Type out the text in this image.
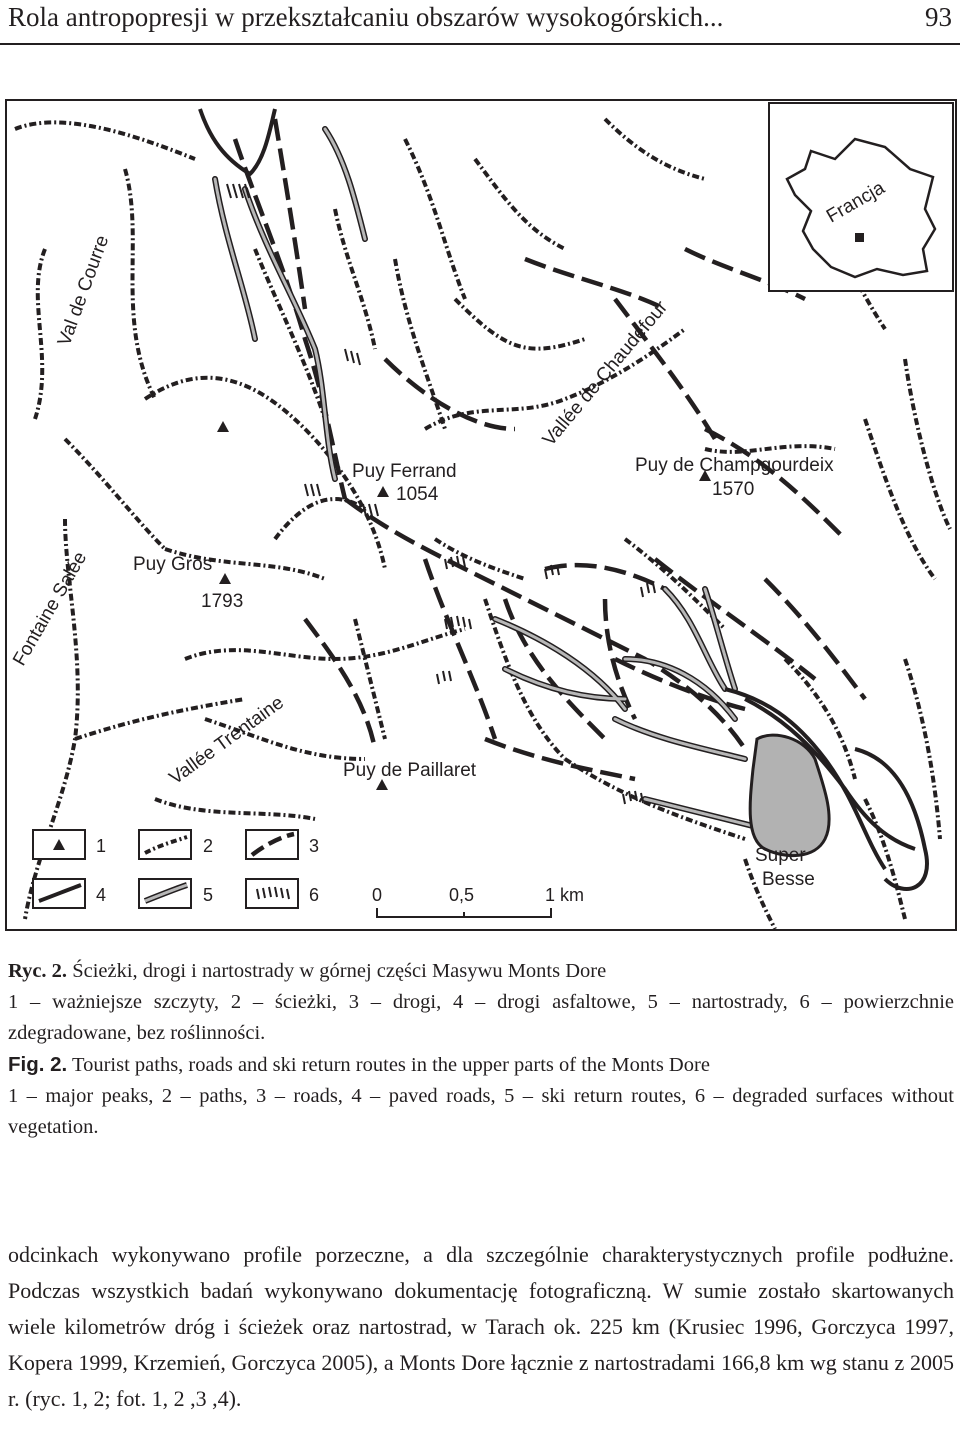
Rola antropopresji w przekształcaniu obszarów wysokogórskich...	93
Francja
Val de Courre
Vallée de Chaudefour
Puy Ferrand
1054
Puy de Champgourdeix
1570
Puy Gros
1793
Fontaine Salée
Vallée Trentaine	Puy de Paillaret
Super
Besse
1	2	3
4	5	6	0	0,5	1 km

Ryc. 2. Ścieżki, drogi i nartostrady w górnej części Masywu Monts Dore

1 – ważniejsze szczyty, 2 – ścieżki, 3 – drogi, 4 – drogi asfaltowe, 5 – nartostrady, 6 – powierzchnie zdegradowane, bez roślinności.

Fig. 2. Tourist paths, roads and ski return routes in the upper parts of the Monts Dore

1 – major peaks, 2 – paths, 3 – roads, 4 – paved roads, 5 – ski return routes, 6 – degraded surfaces without vegetation.

odcinkach wykonywano profile porzeczne, a dla szczególnie charakterystycznych profile podłużne. Podczas wszystkich badań wykonywano dokumentację fotograficzną. W sumie zostało skartowanych wiele kilometrów dróg i ścieżek oraz nartostrad, w Tarach ok. 225 km (Krusiec 1996, Gorczyca 1997, Kopera 1999, Krzemień, Gorczyca 2005), a Monts Dore łącznie z nartostradami 166,8 km wg stanu z 2005 r. (ryc. 1, 2; fot. 1, 2 ,3 ,4).
